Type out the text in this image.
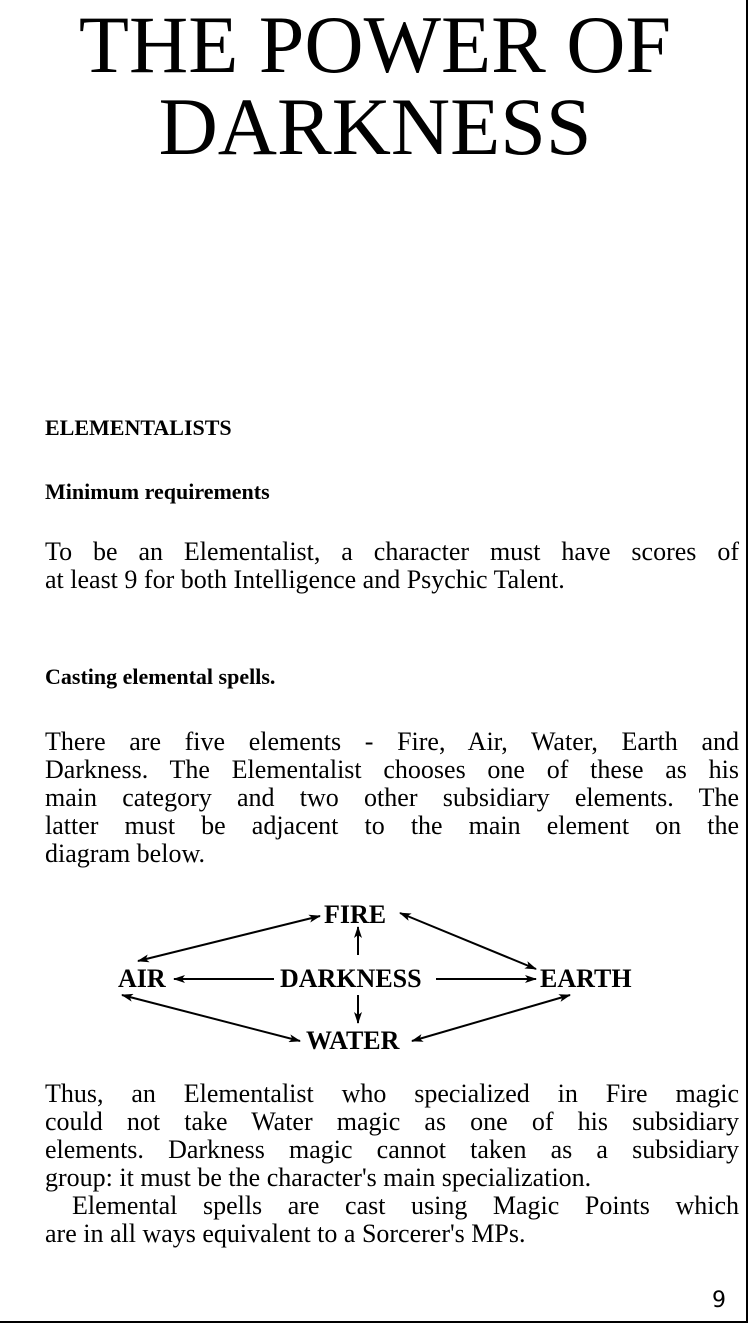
THE POWER OF
DARKNESS
ELEMENTALISTS
Minimum requirements
To be an Elementalist, a character must have scores of
at least 9 for both Intelligence and Psychic Talent.
Casting elemental spells.
There are five elements - Fire, Air, Water, Earth and
Darkness. The Elementalist chooses one of these as his
main category and two other subsidiary elements. The
latter must be adjacent to the main element on the
diagram below.
FIRE
AIR	DARKNESS	EARTH
WATER
Thus, an Elementalist who specialized in Fire magic
could not take Water magic as one of his subsidiary
elements. Darkness magic cannot taken as a subsidiary
group: it must be the character's main specialization.
Elemental spells are cast using Magic Points which
are in all ways equivalent to a Sorcerer's MPs.
9
